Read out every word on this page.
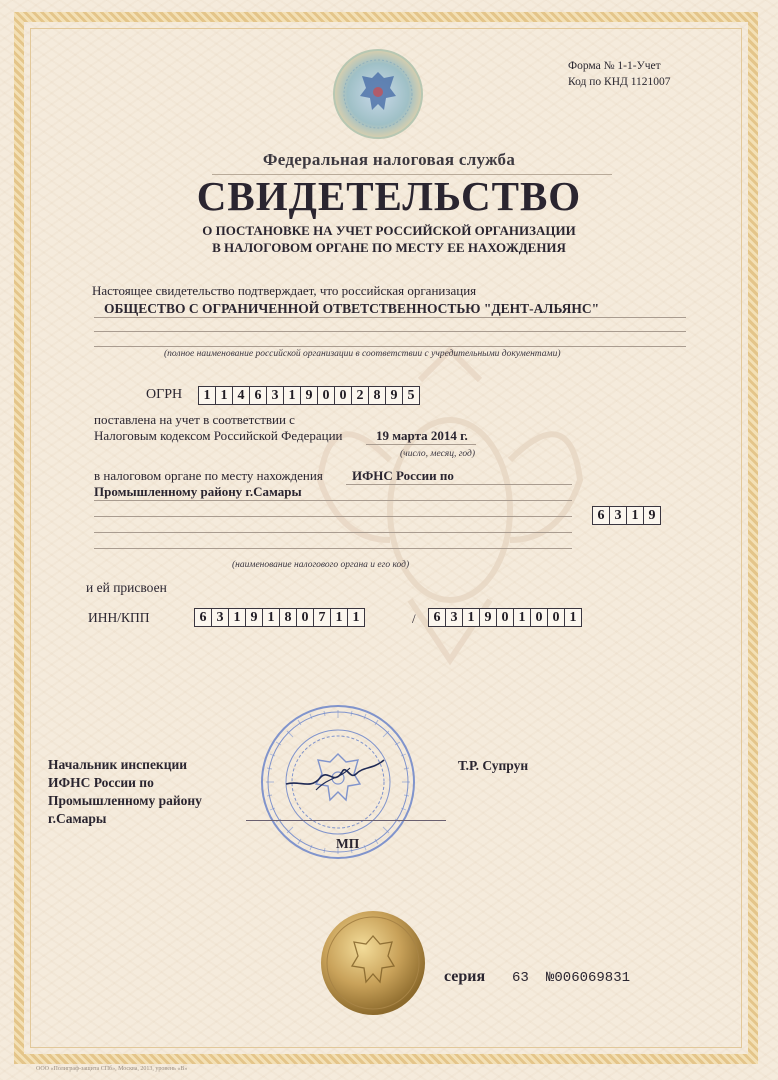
Форма № 1-1-Учет
Код по КНД 1121007
Федеральная налоговая служба
СВИДЕТЕЛЬСТВО
О ПОСТАНОВКЕ НА УЧЕТ РОССИЙСКОЙ ОРГАНИЗАЦИИ
В НАЛОГОВОМ ОРГАНЕ ПО МЕСТУ ЕЕ НАХОЖДЕНИЯ
Настоящее свидетельство подтверждает, что российская организация
ОБЩЕСТВО С ОГРАНИЧЕННОЙ ОТВЕТСТВЕННОСТЬЮ "ДЕНТ-АЛЬЯНС"
(полное наименование российской организации в соответствии с учредительными документами)
ОГРН	1 1 4 6 3 1 9 0 0 2 8 9 5
поставлена на учет в соответствии с
Налоговым кодексом Российской Федерации	19 марта 2014 г.
(число, месяц, год)
в налоговом органе по месту нахождения ИФНС России по
Промышленному району г.Самары
6 3 1 9
(наименование налогового органа и его код)
и ей присвоен
ИНН/КПП	6 3 1 9 1 8 0 7 1 1	/	6 3 1 9 0 1 0 0 1
Начальник инспекции
ИФНС России по
Промышленному району
г.Самары
Т.Р. Супрун
МП
серия 63 №006069831
ООО «Полиграф-защита СПб», Москва, 2013, уровень «В»
